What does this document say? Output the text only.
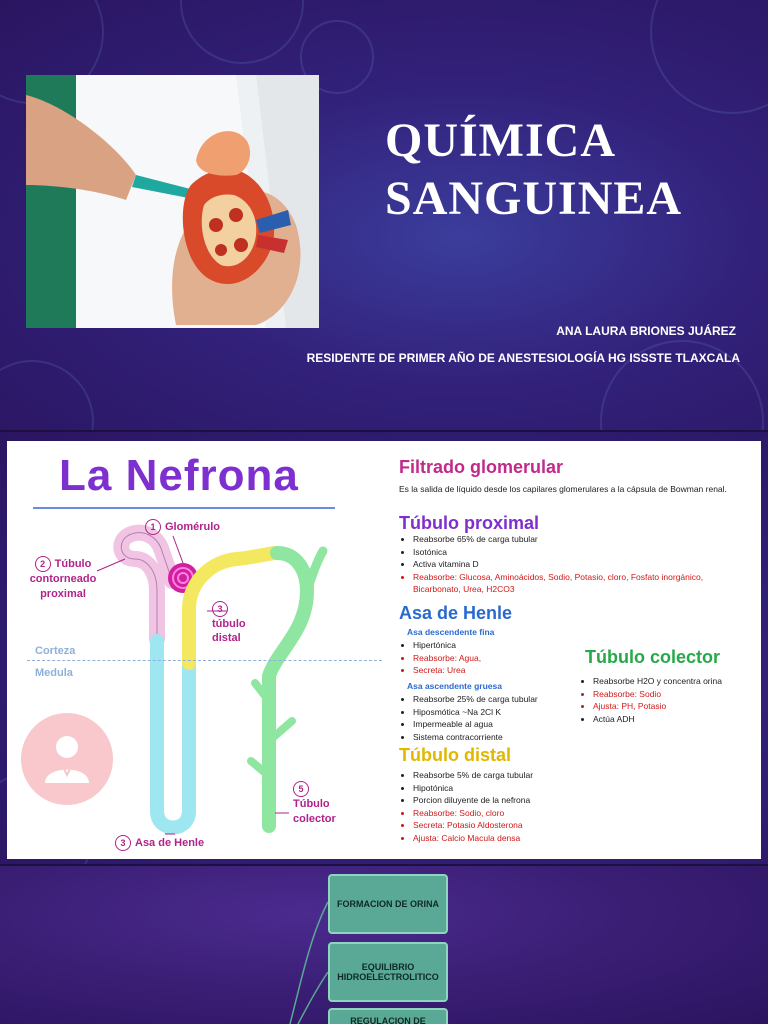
QUÍMICA
SANGUINEA
ANA LAURA BRIONES JUÁREZ
RESIDENTE DE PRIMER AÑO DE ANESTESIOLOGÍA HG ISSSTE TLAXCALA
La Nefrona
Corteza
Medula
1 Glomérulo
2 Túbulo
contorneado
proximal
3
túbulo
distal
3 Asa de Henle
5
Túbulo
colector
Filtrado glomerular
Es la salida de líquido desde los capilares glomerulares a la cápsula de Bowman renal.
Túbulo proximal
• Reabsorbe 65% de carga tubular
• Isotónica
• Activa vitamina D
• Reabsorbe: Glucosa, Aminoácidos, Sodio, Potasio, cloro, Fosfato inorgánico, Bicarbonato, Urea, H2CO3
Asa de Henle
Asa descendente fina
• Hipertónica
• Reabsorbe: Agua,
• Secreta: Urea
Asa ascendente gruesa
• Reabsorbe 25% de carga tubular
• Hiposmótica ~Na 2Cl K
• Impermeable al agua
• Sistema contracorriente
Túbulo distal
• Reabsorbe 5% de carga tubular
• Hipotónica
• Porcion diluyente de la nefrona
• Reabsorbe: Sodio, cloro
• Secreta: Potasio Aldosterona
• Ajusta: Calcio Macula densa
Túbulo colector
• Reabsorbe H2O y concentra orina
• Reabsorbe: Sodio
• Ajusta: PH, Potasio
• Actúa ADH
FORMACION DE ORINA
EQUILIBRIO HIDROELECTROLITICO
REGULACION DE
